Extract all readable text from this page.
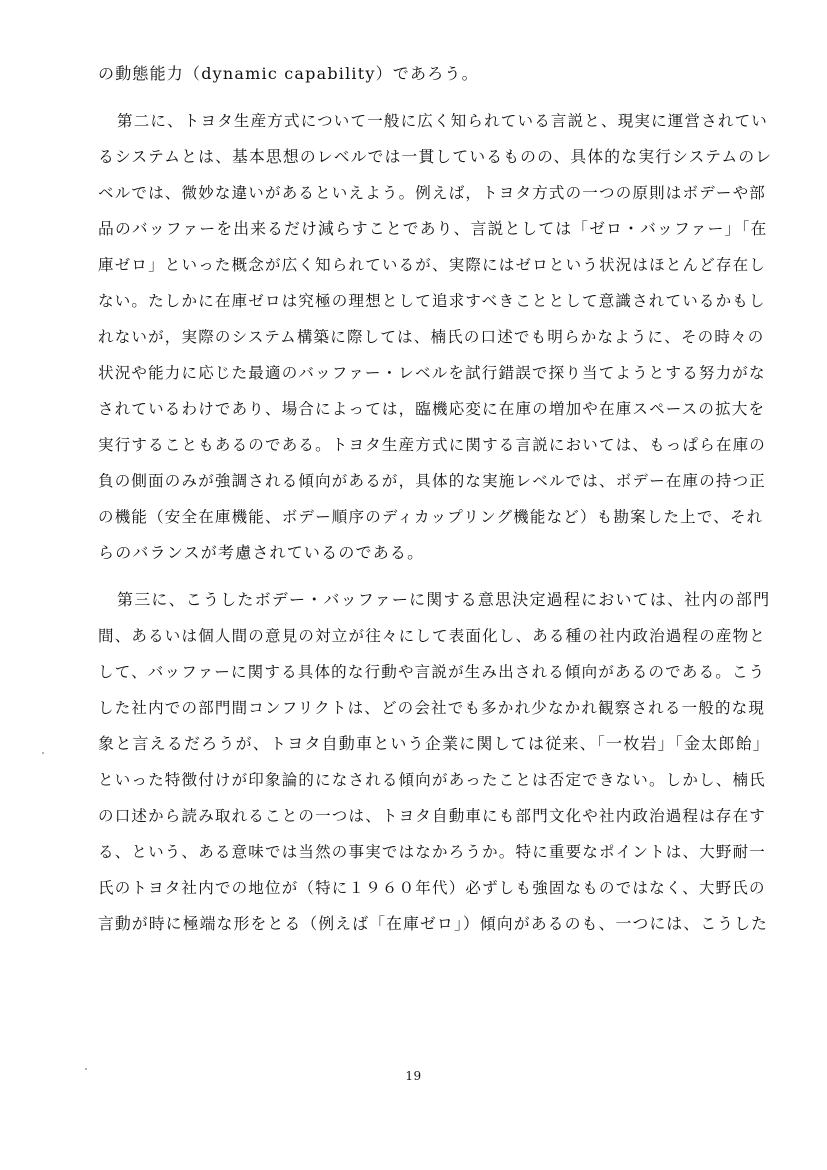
の動態能力（dynamic capability）であろう。
第二に、トヨタ生産方式について一般に広く知られている言説と、現実に運営されてい
るシステムとは、基本思想のレベルでは一貫しているものの、具体的な実行システムのレ
ベルでは、微妙な違いがあるといえよう。例えば，トヨタ方式の一つの原則はボデーや部
品のバッファーを出来るだけ減らすことであり、言説としては「ゼロ・バッファー」「在
庫ゼロ」といった概念が広く知られているが、実際にはゼロという状況はほとんど存在し
ない。たしかに在庫ゼロは究極の理想として追求すべきこととして意識されているかもし
れないが，実際のシステム構築に際しては、楠氏の口述でも明らかなように、その時々の
状況や能力に応じた最適のバッファー・レベルを試行錯誤で探り当てようとする努力がな
されているわけであり、場合によっては，臨機応変に在庫の増加や在庫スペースの拡大を
実行することもあるのである。トヨタ生産方式に関する言説においては、もっぱら在庫の
負の側面のみが強調される傾向があるが，具体的な実施レベルでは、ボデー在庫の持つ正
の機能（安全在庫機能、ボデー順序のディカップリング機能など）も勘案した上で、それ
らのバランスが考慮されているのである。
第三に、こうしたボデー・バッファーに関する意思決定過程においては、社内の部門
間、あるいは個人間の意見の対立が往々にして表面化し、ある種の社内政治過程の産物と
して、バッファーに関する具体的な行動や言説が生み出される傾向があるのである。こう
した社内での部門間コンフリクトは、どの会社でも多かれ少なかれ観察される一般的な現
象と言えるだろうが、トヨタ自動車という企業に関しては従来、「一枚岩」「金太郎飴」
といった特徴付けが印象論的になされる傾向があったことは否定できない。しかし、楠氏
の口述から読み取れることの一つは、トヨタ自動車にも部門文化や社内政治過程は存在す
る、という、ある意味では当然の事実ではなかろうか。特に重要なポイントは、大野耐一
氏のトヨタ社内での地位が（特に１９６０年代）必ずしも強固なものではなく、大野氏の
言動が時に極端な形をとる（例えば「在庫ゼロ」）傾向があるのも、一つには、こうした
19
